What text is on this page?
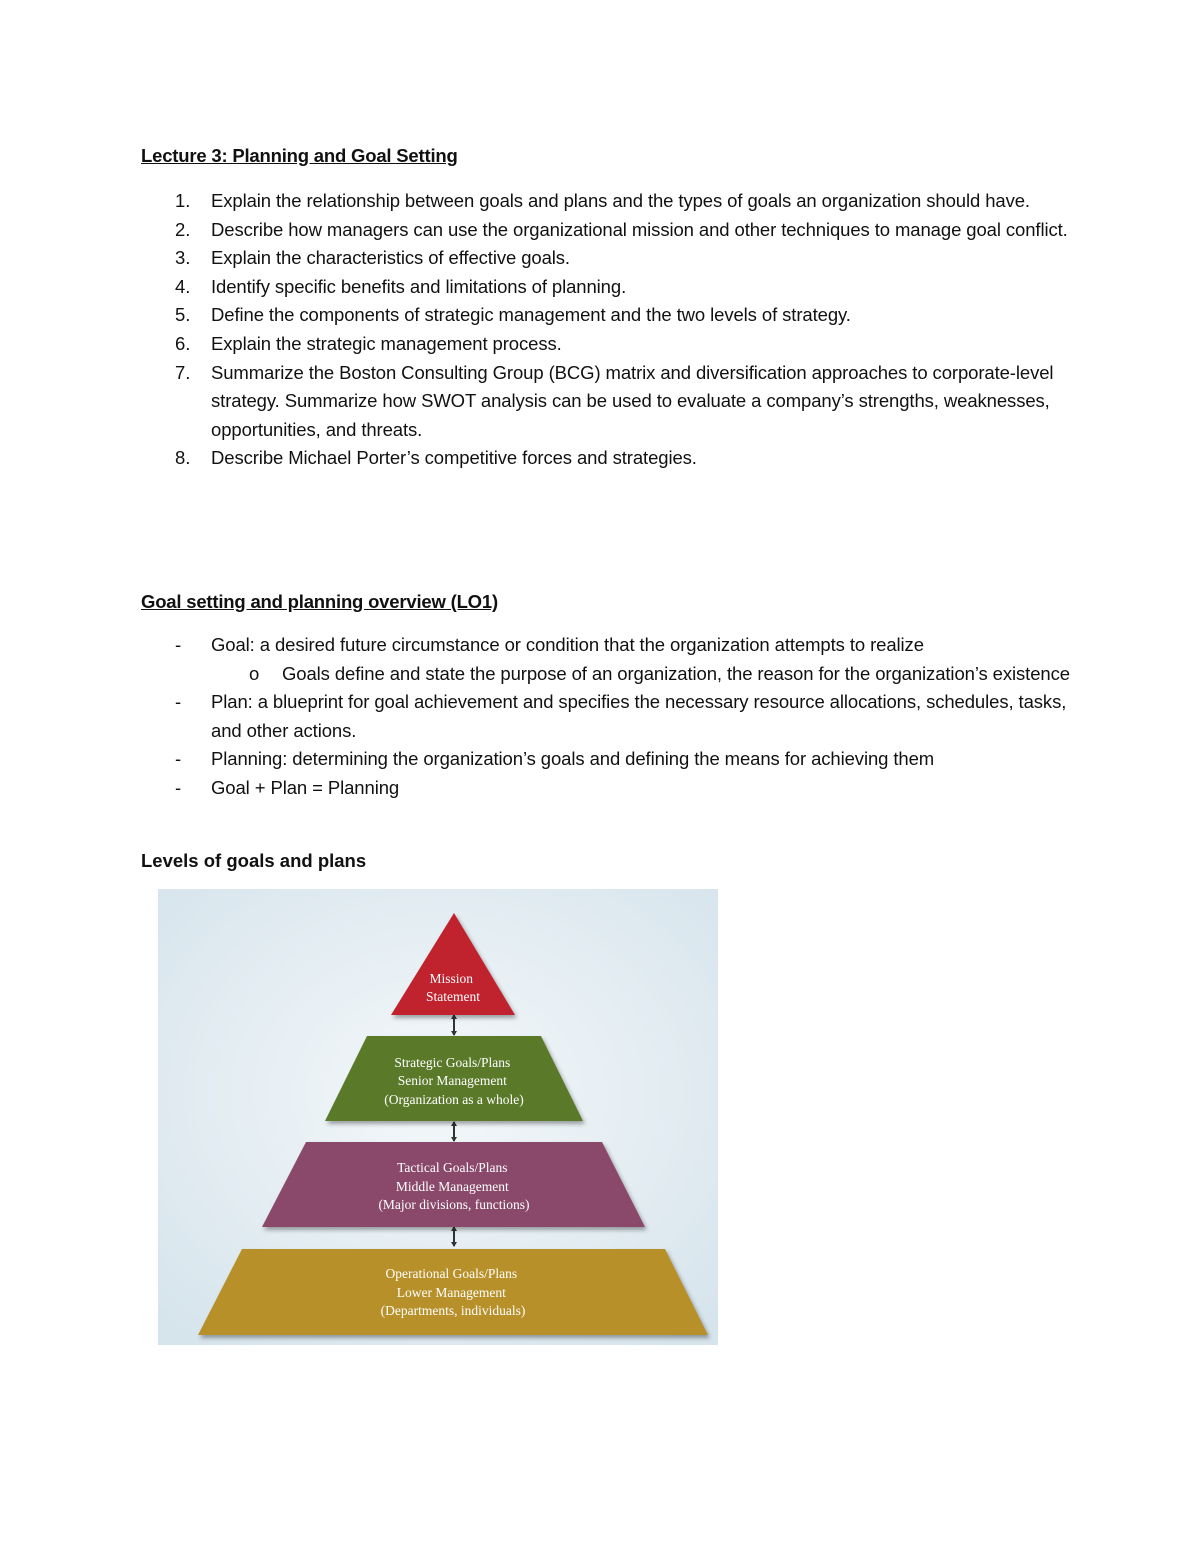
Lecture 3: Planning and Goal Setting
1. Explain the relationship between goals and plans and the types of goals an organization should have.
2. Describe how managers can use the organizational mission and other techniques to manage goal conflict.
3. Explain the characteristics of effective goals.
4. Identify specific benefits and limitations of planning.
5. Define the components of strategic management and the two levels of strategy.
6. Explain the strategic management process.
7. Summarize the Boston Consulting Group (BCG) matrix and diversification approaches to corporate-level strategy. Summarize how SWOT analysis can be used to evaluate a company’s strengths, weaknesses, opportunities, and threats.
8. Describe Michael Porter’s competitive forces and strategies.
Goal setting and planning overview (LO1)
- Goal: a desired future circumstance or condition that the organization attempts to realize
o Goals define and state the purpose of an organization, the reason for the organization’s existence
- Plan: a blueprint for goal achievement and specifies the necessary resource allocations, schedules, tasks, and other actions.
- Planning: determining the organization’s goals and defining the means for achieving them
- Goal + Plan = Planning
Levels of goals and plans
Mission Statement
Strategic Goals/Plans Senior Management (Organization as a whole)
Tactical Goals/Plans Middle Management (Major divisions, functions)
Operational Goals/Plans Lower Management (Departments, individuals)
